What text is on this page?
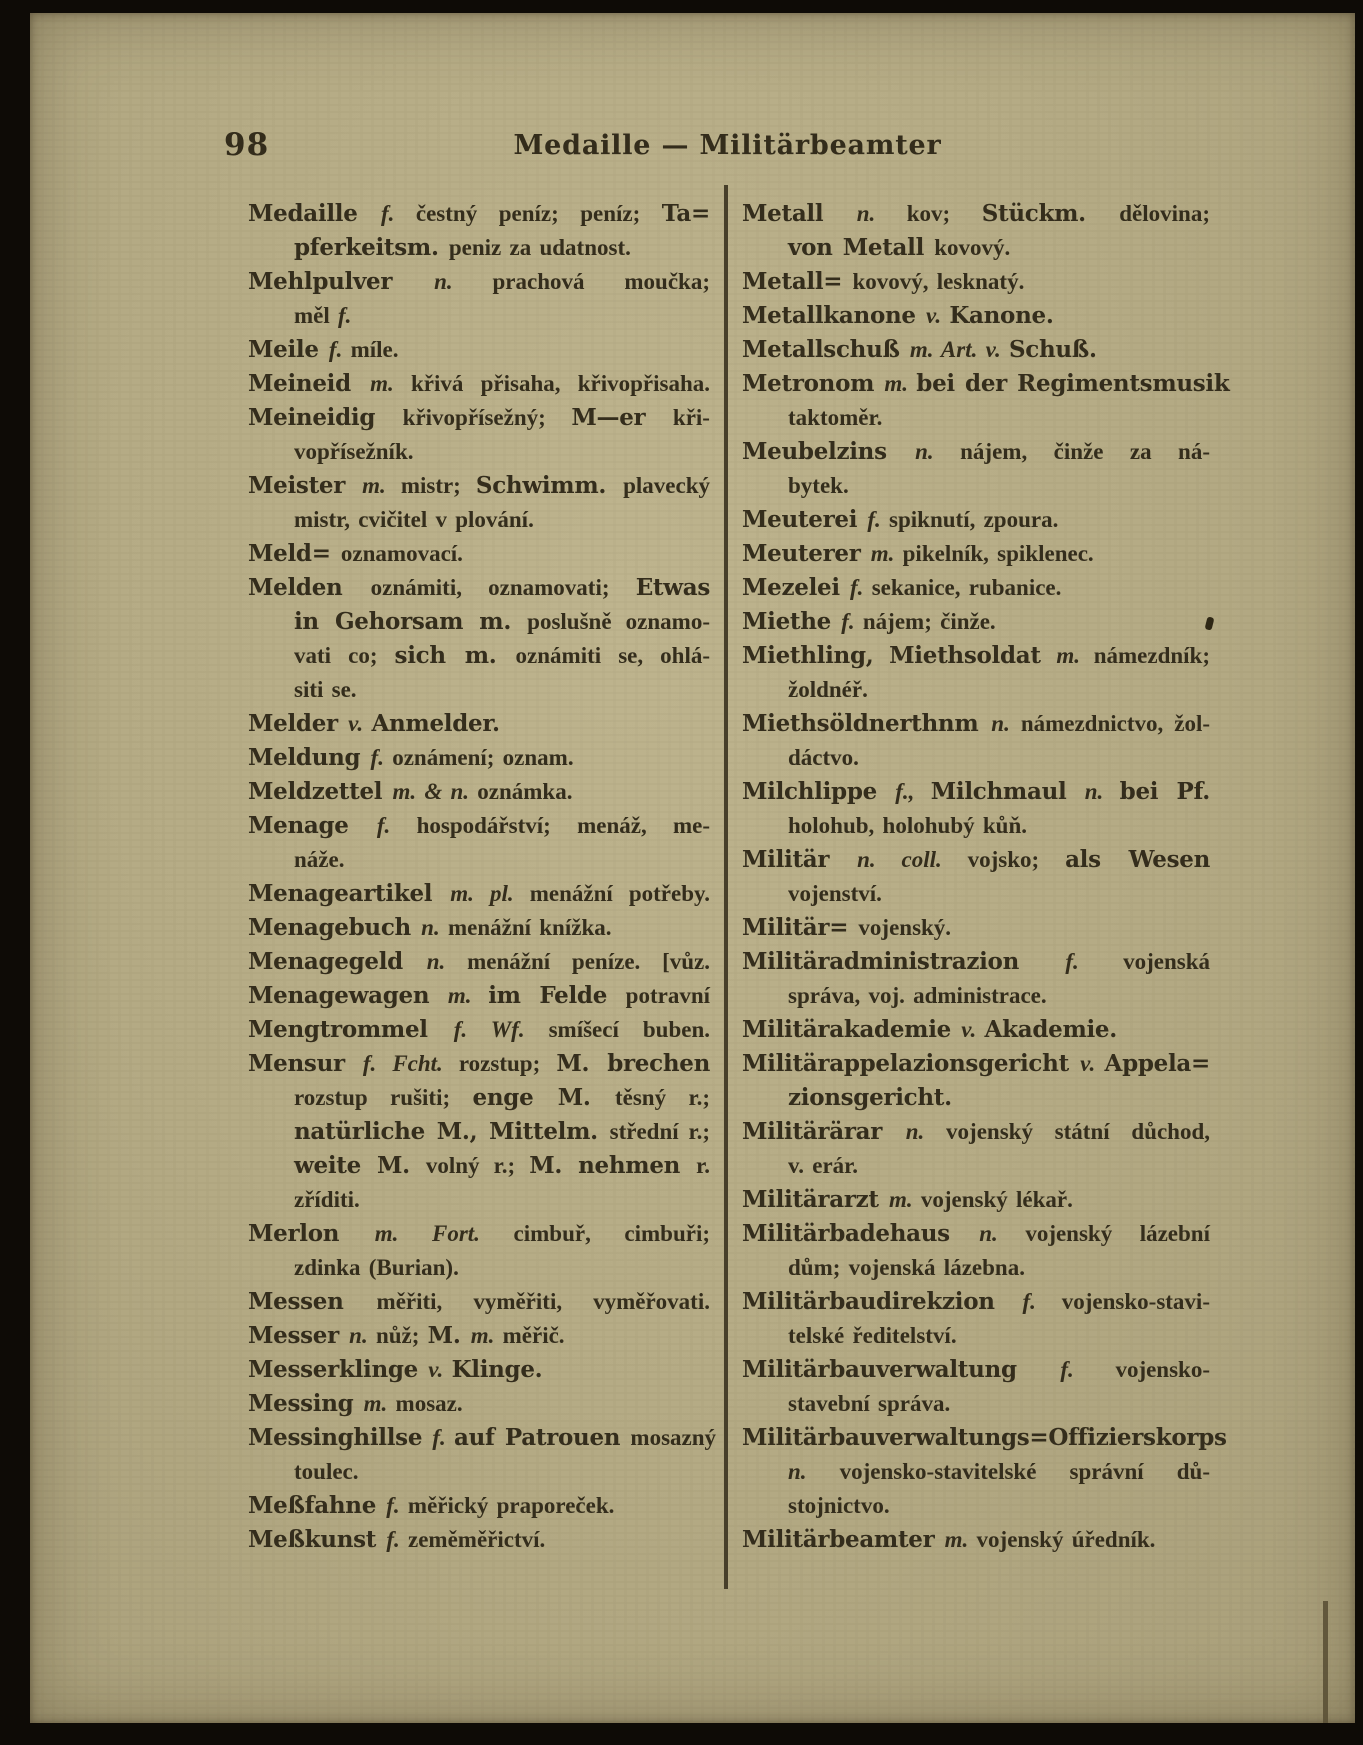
98	Medaille — Militärbeamter
Medaille f. čestný peníz; peníz; Ta=
pferkeitsm. peniz za udatnost.
Mehlpulver n. prachová moučka;
měl f.
Meile f. míle.
Meineid m. křivá přisaha, křivopřisaha.
Meineidig křivopřísežný; M—er kři-
vopřísežník.
Meister m. mistr; Schwimm. plavecký
mistr, cvičitel v plování.
Meld= oznamovací.
Melden oznámiti, oznamovati; Etwas
in Gehorsam m. poslušně oznamo-
vati co; sich m. oznámiti se, ohlá-
siti se.
Melder v. Anmelder.
Meldung f. oznámení; oznam.
Meldzettel m. & n. oznámka.
Menage f. hospodářství; menáž, me-
náže.
Menageartikel m. pl. menážní potřeby.
Menagebuch n. menážní knížka.
Menagegeld n. menážní peníze. [vůz.
Menagewagen m. im Felde potravní
Mengtrommel f. Wf. smíšecí buben.
Mensur f. Fcht. rozstup; M. brechen
rozstup rušiti; enge M. těsný r.;
natürliche M., Mittelm. střední r.;
weite M. volný r.; M. nehmen r.
zříditi.
Merlon m. Fort. cimbuř, cimbuři;
zdinka (Burian).
Messen měřiti, vyměřiti, vyměřovati.
Messer n. nůž; M. m. měřič.
Messerklinge v. Klinge.
Messing m. mosaz.
Messinghillse f. auf Patrouen mosazný
toulec.
Meßfahne f. měřický praporeček.
Meßkunst f. zeměměřictví.
Metall n. kov; Stückm. dělovina;
von Metall kovový.
Metall= kovový, lesknatý.
Metallkanone v. Kanone.
Metallschuß m. Art. v. Schuß.
Metronom m. bei der Regimentsmusik
taktoměr.
Meubelzins n. nájem, činže za ná-
bytek.
Meuterei f. spiknutí, zpoura.
Meuterer m. pikelník, spiklenec.
Mezelei f. sekanice, rubanice.
Miethe f. nájem; činže.
Miethling, Miethsoldat m. námezdník;
žoldnéř.
Miethsöldnerthnm n. námezdnictvo, žol-
dáctvo.
Milchlippe f., Milchmaul n. bei Pf.
holohub, holohubý kůň.
Militär n. coll. vojsko; als Wesen
vojenství.
Militär= vojenský.
Militäradministrazion f. vojenská
správa, voj. administrace.
Militärakademie v. Akademie.
Militärappelazionsgericht v. Appela=
zionsgericht.
Militärärar n. vojenský státní důchod,
v. erár.
Militärarzt m. vojenský lékař.
Militärbadehaus n. vojenský lázební
dům; vojenská lázebna.
Militärbaudirekzion f. vojensko-stavi-
telské ředitelství.
Militärbauverwaltung f. vojensko-
stavební správa.
Militärbauverwaltungs=Offizierskorps
n. vojensko-stavitelské správní dů-
stojnictvo.
Militärbeamter m. vojenský úředník.
